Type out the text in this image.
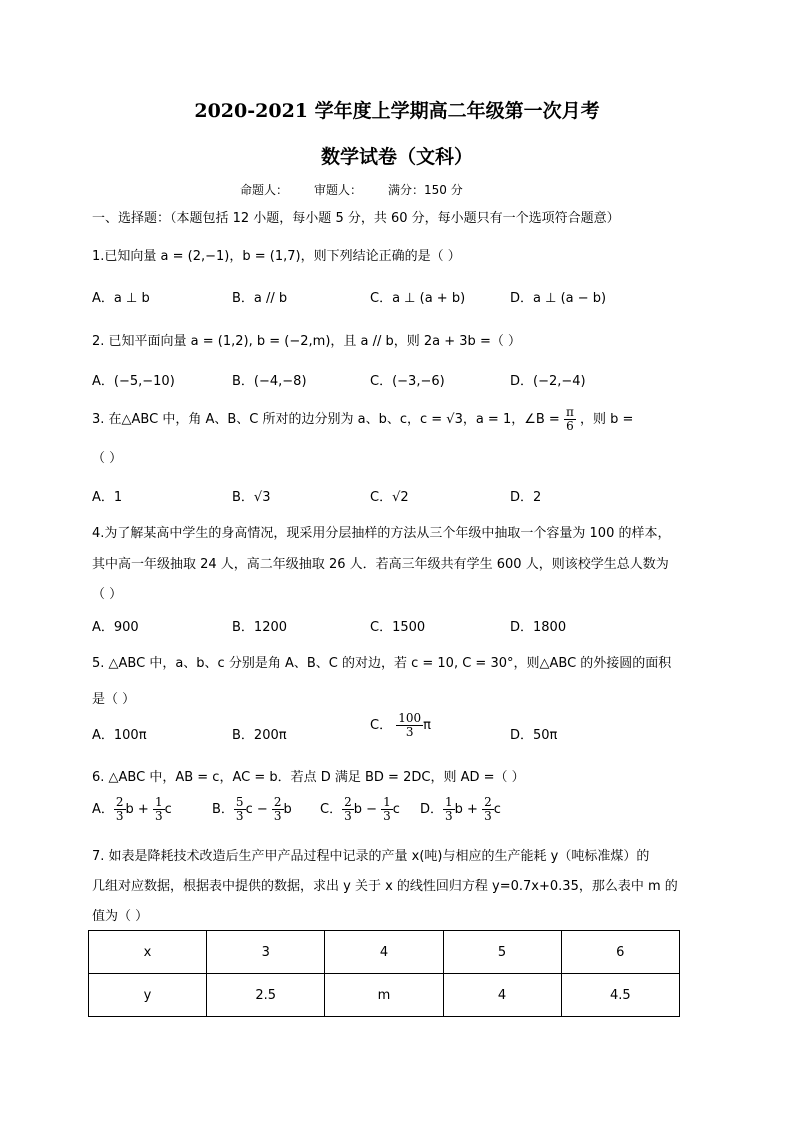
2020-2021 学年度上学期高二年级第一次月考
数学试卷（文科）
命题人： 审题人： 满分：150 分
一、选择题：（本题包括 12 小题，每小题 5 分，共 60 分，每小题只有一个选项符合题意）
1.已知向量 a = (2,−1)，b = (1,7)，则下列结论正确的是（ ）
A．a ⊥ b	B．a // b	C．a ⊥ (a + b)	D．a ⊥ (a − b)
2. 已知平面向量 a = (1,2), b = (−2,m)，且 a // b，则 2a + 3b =（ ）
A．(−5,−10)	B．(−4,−8)	C．(−3,−6)	D．(−2,−4)
3. 在△ABC 中，角 A、B、C 所对的边分别为 a、b、c，c = √3，a = 1，∠B = $\frac{\pi}{6}$ ，则 b =
（ ）
A．1	B．√3	C．√2	D．2
4.为了解某高中学生的身高情况，现采用分层抽样的方法从三个年级中抽取一个容量为 100 的样本，
其中高一年级抽取 24 人，高二年级抽取 26 人．若高三年级共有学生 600 人，则该校学生总人数为
（ ）
A．900	B．1200	C．1500	D．1800
5. △ABC 中，a、b、c 分别是角 A、B、C 的对边，若 c = 10, C = 30°，则△ABC 的外接圆的面积
是（ ）
A．100π	B．200π
C． $\frac{100}{3}$ π
D．50π
6. △ABC 中，AB = c，AC = b．若点 D 满足 BD = 2DC，则 AD =（ ）
A． $\frac{2}{3}$ $b + \frac{1}{3}$ c	B． $\frac{5}{3}$ $c - \frac{2}{3}$ b C． $\frac{2}{3}$ $b - \frac{1}{3}$ c D． $\frac{1}{3}$ $b + \frac{2}{3}$ c
7. 如表是降耗技术改造后生产甲产品过程中记录的产量 x(吨)与相应的生产能耗 y（吨标准煤）的
几组对应数据，根据表中提供的数据，求出 y 关于 x 的线性回归方程 y=0.7x+0.35，那么表中 m 的
值为（ ）
x	3	4	5	6
y	2.5	m	4	4.5
